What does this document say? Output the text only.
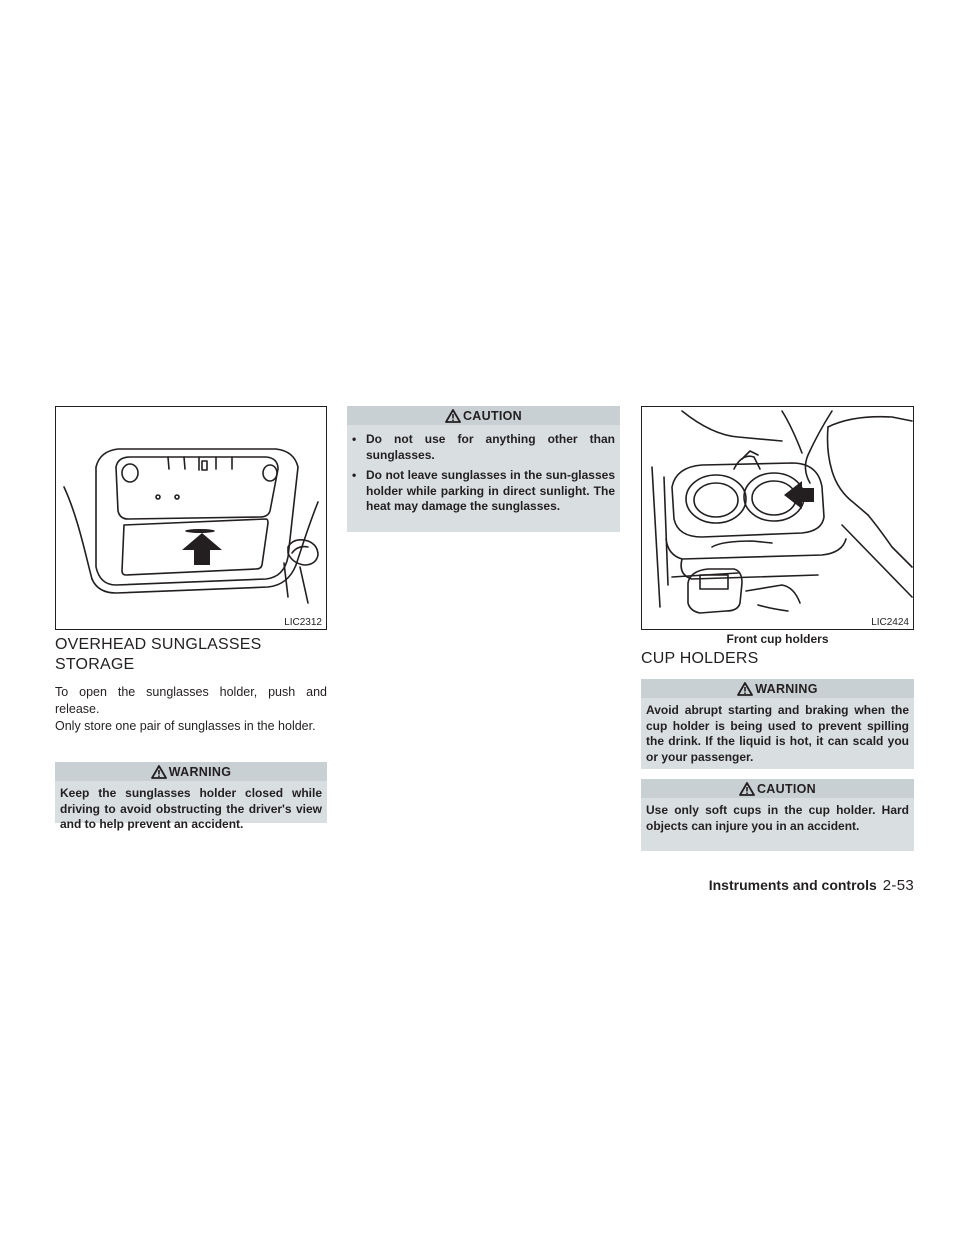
LIC2312
OVERHEAD SUNGLASSES
STORAGE
To open the sunglasses holder, push and release.
Only store one pair of sunglasses in the holder.
WARNING
Keep the sunglasses holder closed while driving to avoid obstructing the driver's view and to help prevent an accident.
CAUTION
• Do not use for anything other than sunglasses.
• Do not leave sunglasses in the sun-glasses holder while parking in direct sunlight. The heat may damage the sunglasses.
LIC2424
Front cup holders
CUP HOLDERS
WARNING
Avoid abrupt starting and braking when the cup holder is being used to prevent spilling the drink. If the liquid is hot, it can scald you or your passenger.
CAUTION
Use only soft cups in the cup holder. Hard objects can injure you in an accident.
Instruments and controls 2-53
